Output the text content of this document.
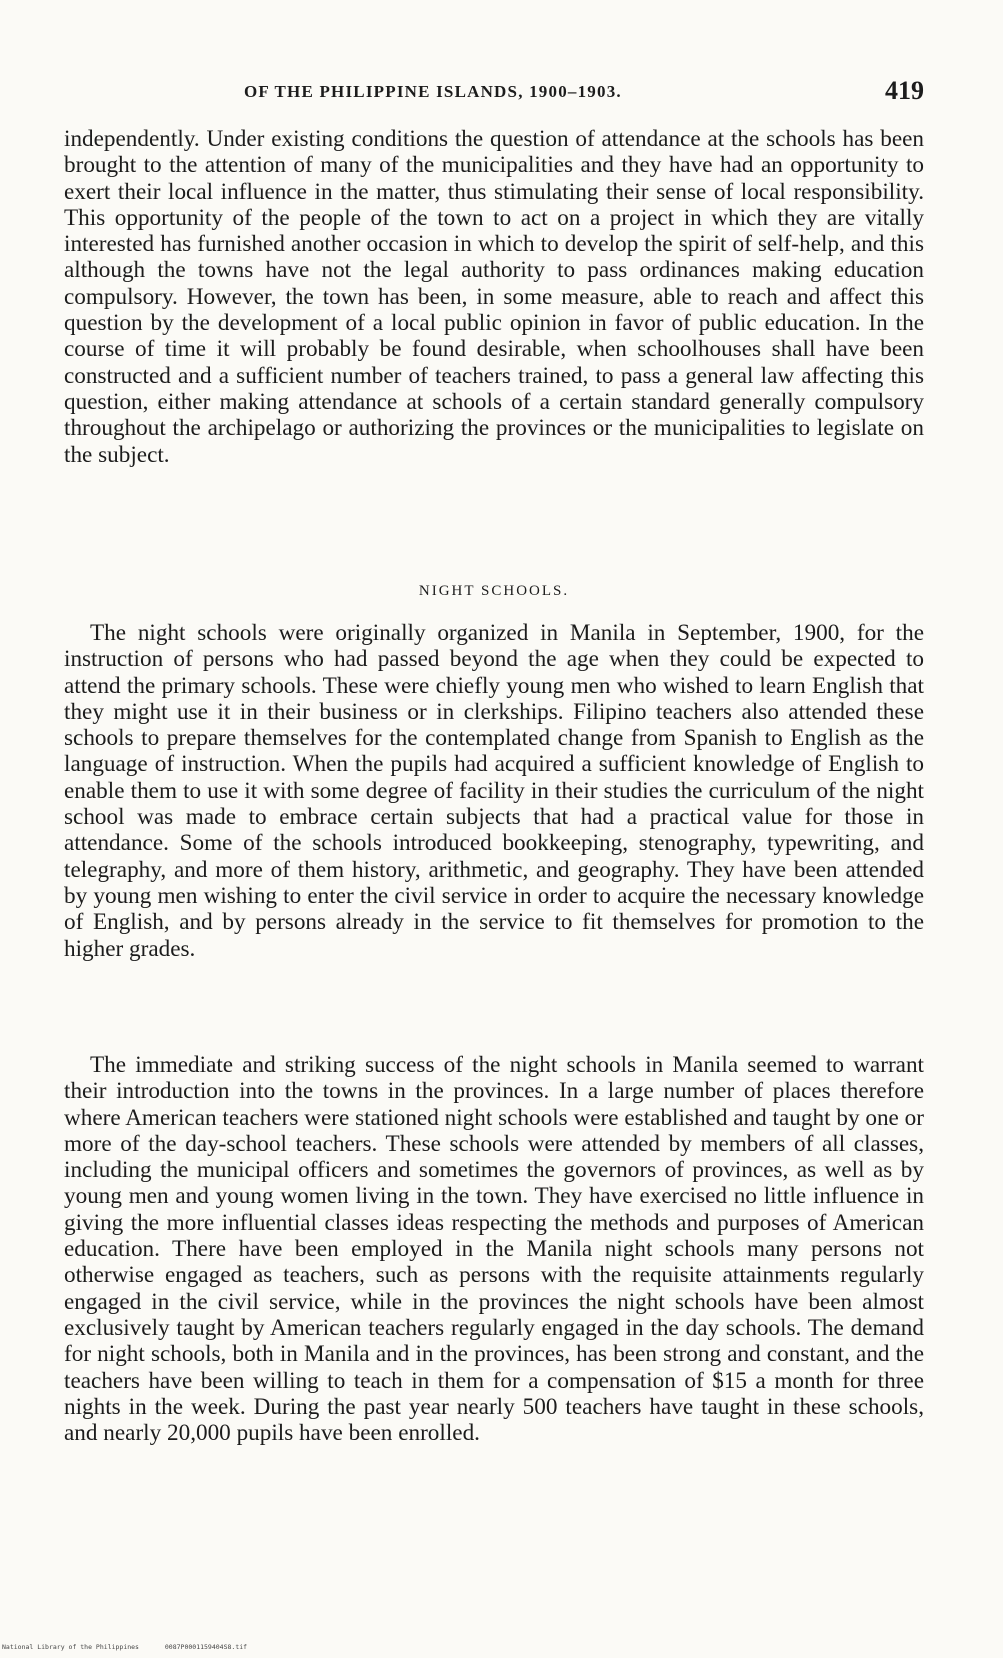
OF THE PHILIPPINE ISLANDS, 1900–1903.	419

independently. Under existing conditions the question of attendance at the schools has been brought to the attention of many of the municipalities and they have had an opportunity to exert their local influence in the matter, thus stimulating their sense of local responsibility. This opportunity of the people of the town to act on a project in which they are vitally interested has furnished another occasion in which to develop the spirit of self-help, and this although the towns have not the legal authority to pass ordinances making education compulsory. However, the town has been, in some measure, able to reach and affect this question by the development of a local public opinion in favor of public education. In the course of time it will probably be found desirable, when schoolhouses shall have been constructed and a sufficient number of teachers trained, to pass a general law affecting this question, either making attendance at schools of a certain standard generally compulsory throughout the archipelago or authorizing the provinces or the municipalities to legislate on the subject.

NIGHT SCHOOLS.

The night schools were originally organized in Manila in September, 1900, for the instruction of persons who had passed beyond the age when they could be expected to attend the primary schools. These were chiefly young men who wished to learn English that they might use it in their business or in clerkships. Filipino teachers also attended these schools to prepare themselves for the contemplated change from Spanish to English as the language of instruction. When the pupils had acquired a sufficient knowledge of English to enable them to use it with some degree of facility in their studies the curriculum of the night school was made to embrace certain subjects that had a practical value for those in attendance. Some of the schools introduced bookkeeping, stenography, typewriting, and telegraphy, and more of them history, arithmetic, and geography. They have been attended by young men wishing to enter the civil service in order to acquire the necessary knowledge of English, and by persons already in the service to fit themselves for promotion to the higher grades.

The immediate and striking success of the night schools in Manila seemed to warrant their introduction into the towns in the provinces. In a large number of places therefore where American teachers were stationed night schools were established and taught by one or more of the day-school teachers. These schools were attended by members of all classes, including the municipal officers and sometimes the governors of provinces, as well as by young men and young women living in the town. They have exercised no little influence in giving the more influential classes ideas respecting the methods and purposes of American education. There have been employed in the Manila night schools many persons not otherwise engaged as teachers, such as persons with the requisite attainments regularly engaged in the civil service, while in the provinces the night schools have been almost exclusively taught by American teachers regularly engaged in the day schools. The demand for night schools, both in Manila and in the provinces, has been strong and constant, and the teachers have been willing to teach in them for a compensation of $15 a month for three nights in the week. During the past year nearly 500 teachers have taught in these schools, and nearly 20,000 pupils have been enrolled.

National Library of the Philippines	0087P0001159404S8.tif
